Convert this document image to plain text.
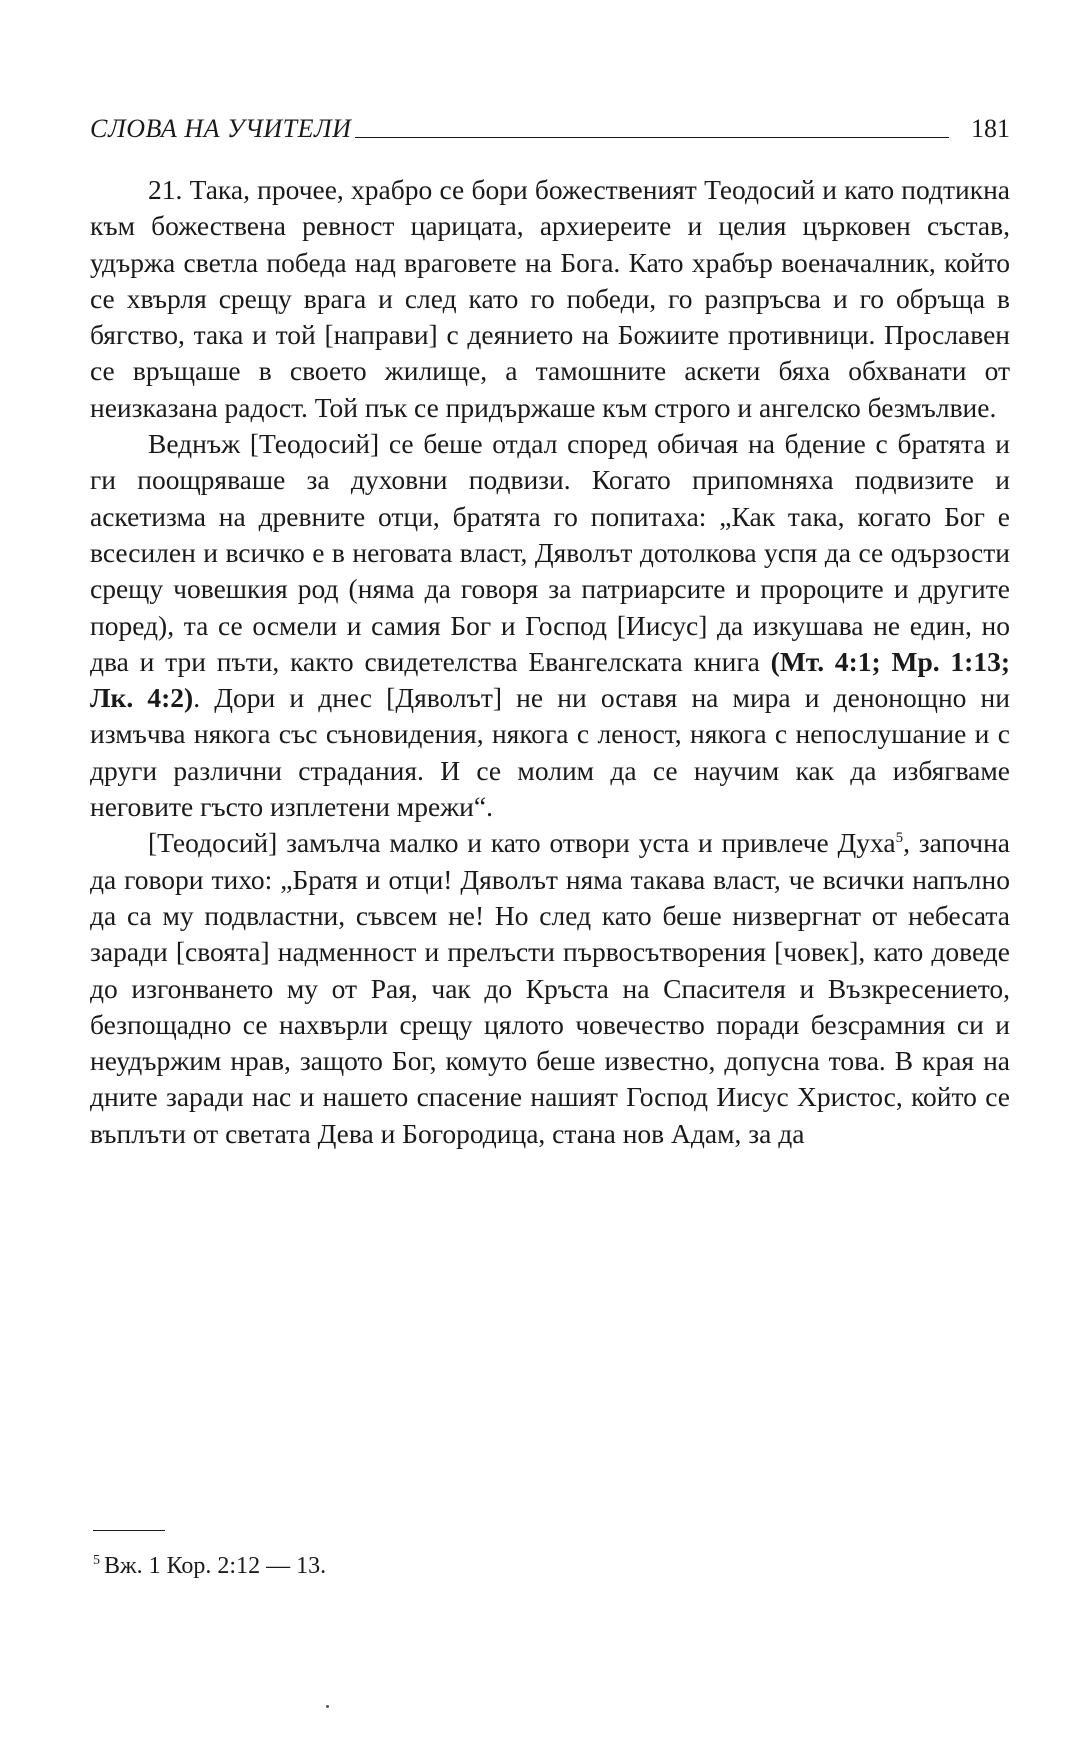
СЛОВА НА УЧИТЕЛИ	181

21. Така, прочее, храбро се бори божественият Теодосий и като подтикна към божествена ревност царицата, архиереите и целия църковен състав, удържа светла победа над враговете на Бога. Като храбър военачалник, който се хвърля срещу врага и след като го победи, го разпръсва и го обръща в бягство, така и той [направи] с деянието на Божиите противници. Прославен се връщаше в своето жилище, а тамошните аскети бяха обхванати от неизказана радост. Той пък се придържаше към строго и ангелско безмълвие.

Веднъж [Теодосий] се беше отдал според обичая на бдение с братята и ги поощряваше за духовни подвизи. Когато припомняха подвизите и аскетизма на древните отци, братята го попитаха: „Как така, когато Бог е всесилен и всичко е в неговата власт, Дяволът дотолкова успя да се одързости срещу човешкия род (няма да говоря за патриарсите и пророците и другите поред), та се осмели и самия Бог и Господ [Иисус] да изкушава не един, но два и три пъти, както свидетелства Евангелската книга (Мт. 4:1; Мр. 1:13; Лк. 4:2). Дори и днес [Дяволът] не ни оставя на мира и денонощно ни измъчва някога със съновидения, някога с леност, някога с непослушание и с други различни страдания. И се молим да се научим как да избягваме неговите гъсто изплетени мрежи“.

[Теодосий] замълча малко и като отвори уста и привлече Духа$^5$, започна да говори тихо: „Братя и отци! Дяволът няма такава власт, че всички напълно да са му подвластни, съвсем не! Но след като беше низвергнат от небесата заради [своята] надменност и прелъсти първосътворения [човек], като доведе до изгонването му от Рая, чак до Кръста на Спасителя и Възкресението, безпощадно се нахвърли срещу цялото човечество поради безсрамния си и неудържим нрав, защото Бог, комуто беше известно, допусна това. В края на дните заради нас и нашето спасение нашият Господ Иисус Христос, който се въплъти от светата Дева и Богородица, стана нов Адам, за да

$^5$ Вж. 1 Кор. 2:12 — 13.
